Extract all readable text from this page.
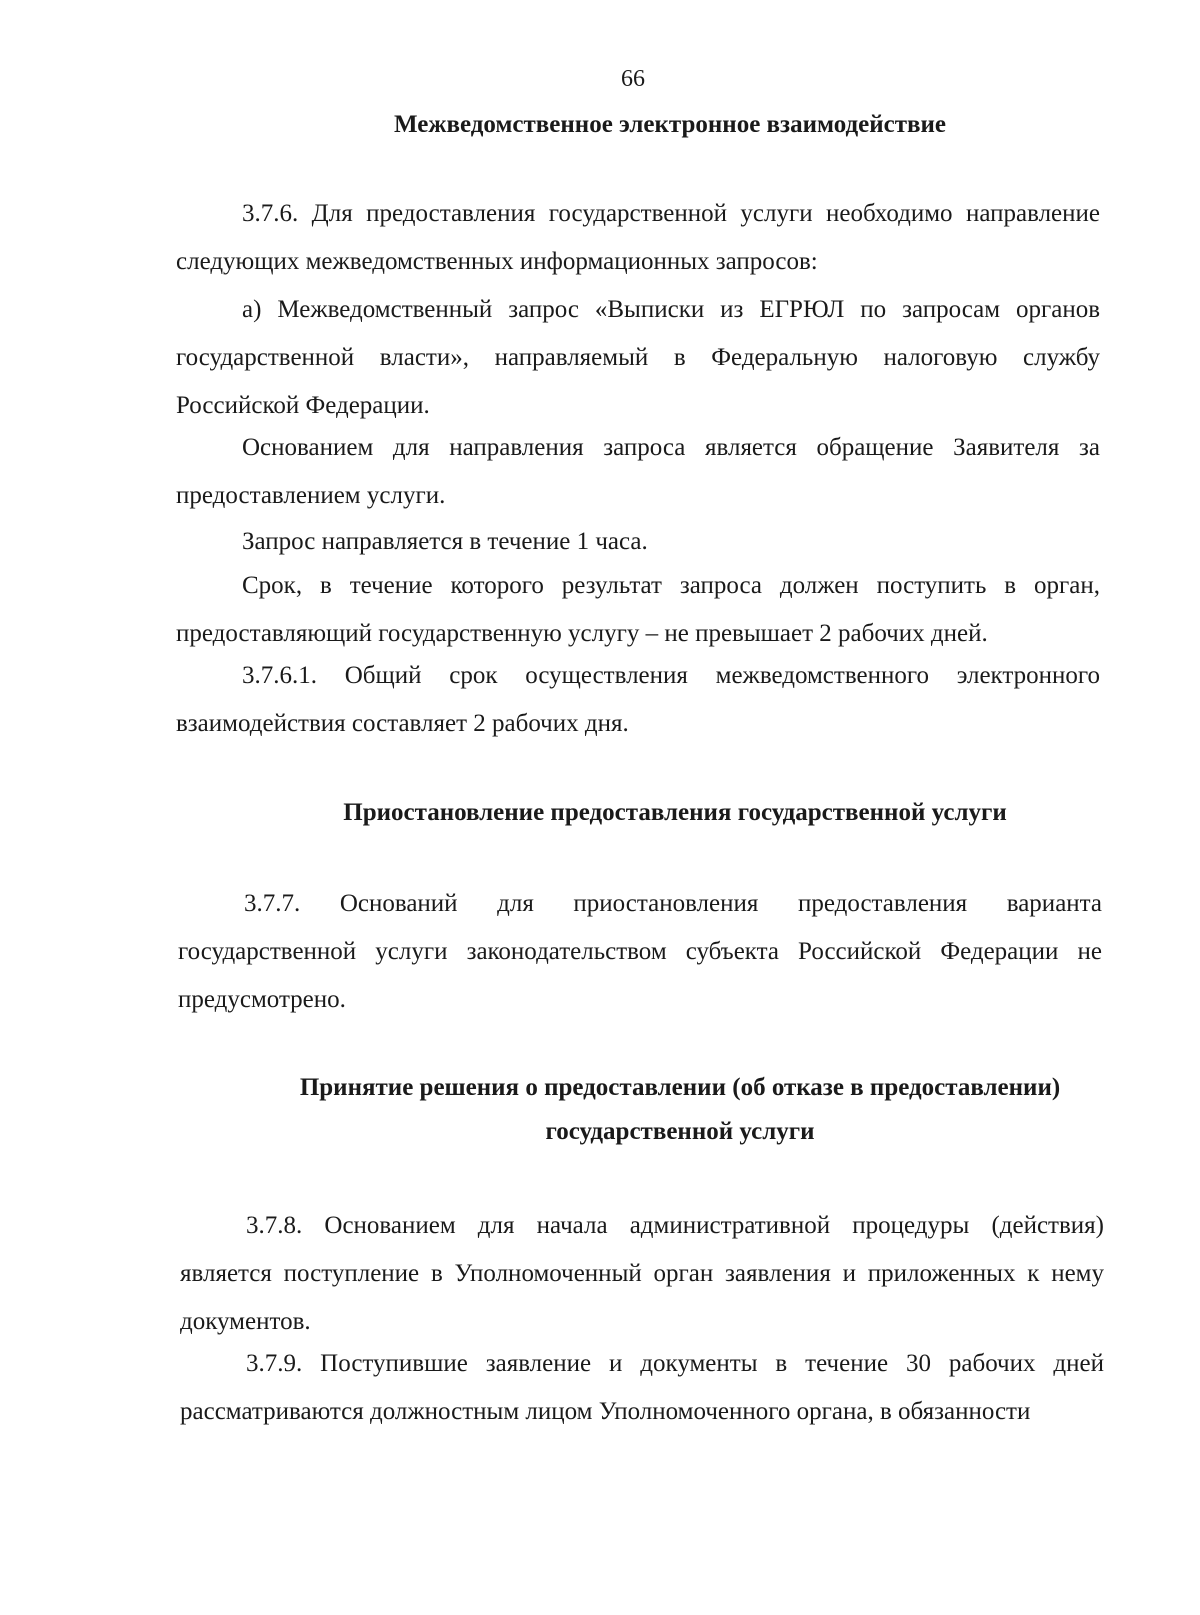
66
Межведомственное электронное взаимодействие
3.7.6. Для предоставления государственной услуги необходимо направление следующих межведомственных информационных запросов:
а) Межведомственный запрос «Выписки из ЕГРЮЛ по запросам органов государственной власти», направляемый в Федеральную налоговую службу Российской Федерации.
Основанием для направления запроса является обращение Заявителя за предоставлением услуги.
Запрос направляется в течение 1 часа.
Срок, в течение которого результат запроса должен поступить в орган, предоставляющий государственную услугу – не превышает 2 рабочих дней.
3.7.6.1. Общий срок осуществления межведомственного электронного взаимодействия составляет 2 рабочих дня.
Приостановление предоставления государственной услуги
3.7.7. Оснований для приостановления предоставления варианта государственной услуги законодательством субъекта Российской Федерации не предусмотрено.
Принятие решения о предоставлении (об отказе в предоставлении) государственной услуги
3.7.8. Основанием для начала административной процедуры (действия) является поступление в Уполномоченный орган заявления и приложенных к нему документов.
3.7.9. Поступившие заявление и документы в течение 30 рабочих дней рассматриваются должностным лицом Уполномоченного органа, в обязанности
